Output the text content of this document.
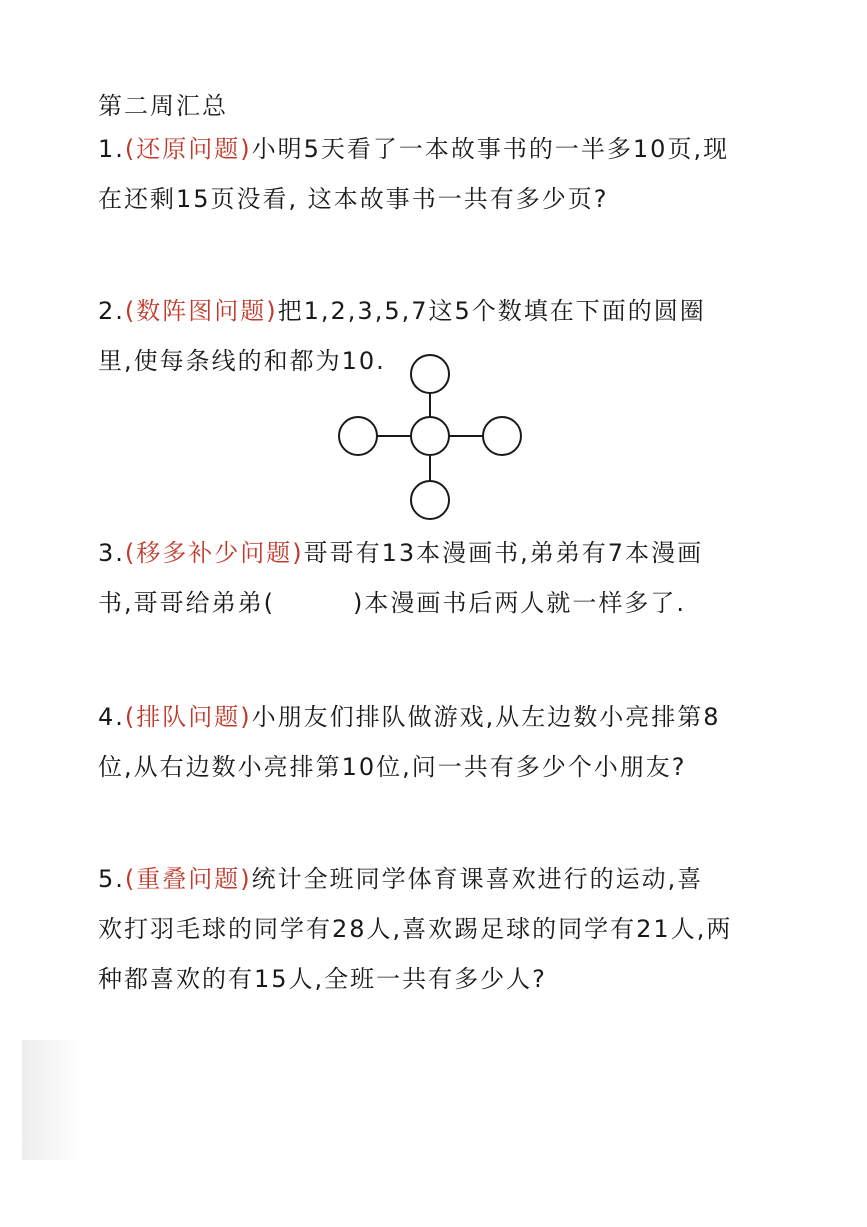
第二周汇总
1.(还原问题)小明5天看了一本故事书的一半多10页,现
在还剩15页没看, 这本故事书一共有多少页?
2.(数阵图问题)把1,2,3,5,7这5个数填在下面的圆圈
里,使每条线的和都为10.
3.(移多补少问题)哥哥有13本漫画书,弟弟有7本漫画
书,哥哥给弟弟(	)本漫画书后两人就一样多了.
4.(排队问题)小朋友们排队做游戏,从左边数小亮排第8
位,从右边数小亮排第10位,问一共有多少个小朋友?
5.(重叠问题)统计全班同学体育课喜欢进行的运动,喜
欢打羽毛球的同学有28人,喜欢踢足球的同学有21人,两
种都喜欢的有15人,全班一共有多少人?
